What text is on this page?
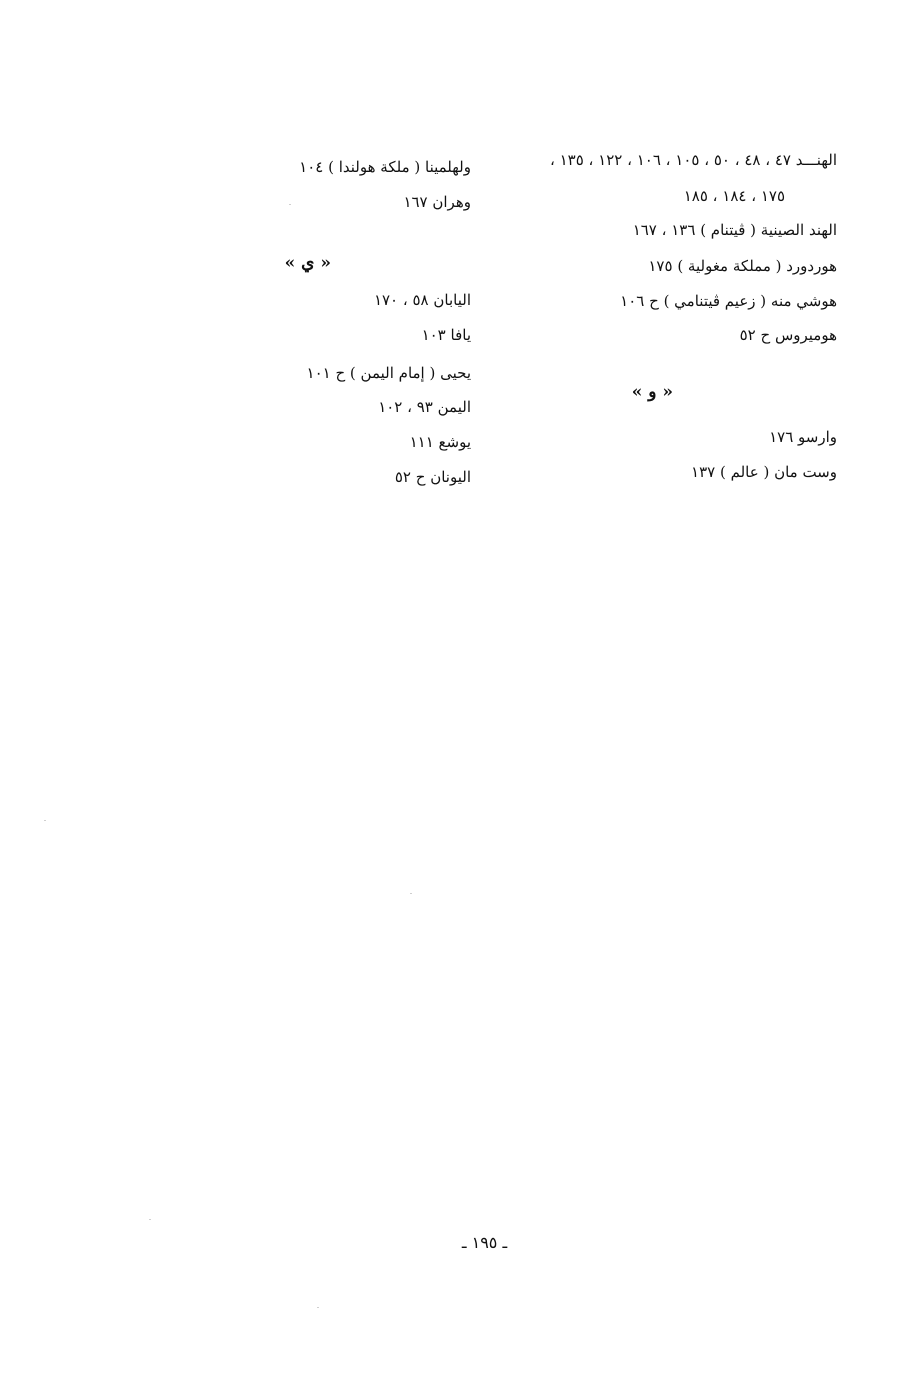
الهنـــد ٤٧ ، ٤٨ ، ٥٠ ، ١٠٥ ، ١٠٦ ، ١٢٢ ، ١٣٥ ،
١٧٥ ، ١٨٤ ، ١٨٥
الهند الصينية ( ڤيتنام ) ١٣٦ ، ١٦٧
هوردورد ( مملكة مغولية ) ١٧٥
هوشي منه ( زعيم ڤيتنامي ) ح ١٠٦
هوميروس ح ٥٢
« و »
وارسو ١٧٦
وست مان ( عالم ) ١٣٧
ولهلمينا ( ملكة هولندا ) ١٠٤
وهران ١٦٧
« ي »
اليابان ٥٨ ، ١٧٠
يافا ١٠٣
يحيى ( إمام اليمن ) ح ١٠١
اليمن ٩٣ ، ١٠٢
يوشع ١١١
اليونان ح ٥٢
ـ ١٩٥ ـ
